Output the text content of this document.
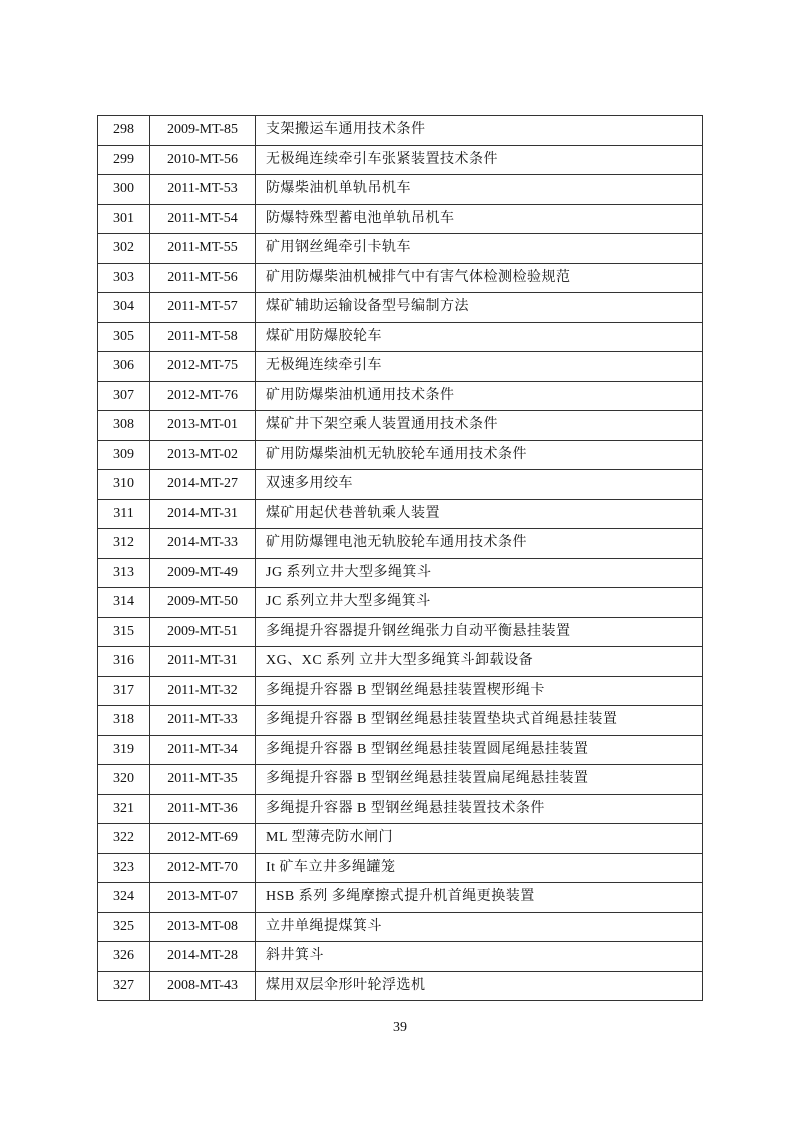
298	2009-MT-85	支架搬运车通用技术条件
299	2010-MT-56	无极绳连续牵引车张紧装置技术条件
300	2011-MT-53	防爆柴油机单轨吊机车
301	2011-MT-54	防爆特殊型蓄电池单轨吊机车
302	2011-MT-55	矿用钢丝绳牵引卡轨车
303	2011-MT-56	矿用防爆柴油机械排气中有害气体检测检验规范
304	2011-MT-57	煤矿辅助运输设备型号编制方法
305	2011-MT-58	煤矿用防爆胶轮车
306	2012-MT-75	无极绳连续牵引车
307	2012-MT-76	矿用防爆柴油机通用技术条件
308	2013-MT-01	煤矿井下架空乘人装置通用技术条件
309	2013-MT-02	矿用防爆柴油机无轨胶轮车通用技术条件
310	2014-MT-27	双速多用绞车
311	2014-MT-31	煤矿用起伏巷普轨乘人装置
312	2014-MT-33	矿用防爆锂电池无轨胶轮车通用技术条件
313	2009-MT-49	JG 系列立井大型多绳箕斗
314	2009-MT-50	JC 系列立井大型多绳箕斗
315	2009-MT-51	多绳提升容器提升钢丝绳张力自动平衡悬挂装置
316	2011-MT-31	XG、XC 系列 立井大型多绳箕斗卸载设备
317	2011-MT-32	多绳提升容器 B 型钢丝绳悬挂装置楔形绳卡
318	2011-MT-33	多绳提升容器 B 型钢丝绳悬挂装置垫块式首绳悬挂装置
319	2011-MT-34	多绳提升容器 B 型钢丝绳悬挂装置圆尾绳悬挂装置
320	2011-MT-35	多绳提升容器 B 型钢丝绳悬挂装置扁尾绳悬挂装置
321	2011-MT-36	多绳提升容器 B 型钢丝绳悬挂装置技术条件
322	2012-MT-69	ML 型薄壳防水闸门
323	2012-MT-70	It 矿车立井多绳罐笼
324	2013-MT-07	HSB 系列 多绳摩擦式提升机首绳更换装置
325	2013-MT-08	立井单绳提煤箕斗
326	2014-MT-28	斜井箕斗
327	2008-MT-43	煤用双层伞形叶轮浮选机
39
